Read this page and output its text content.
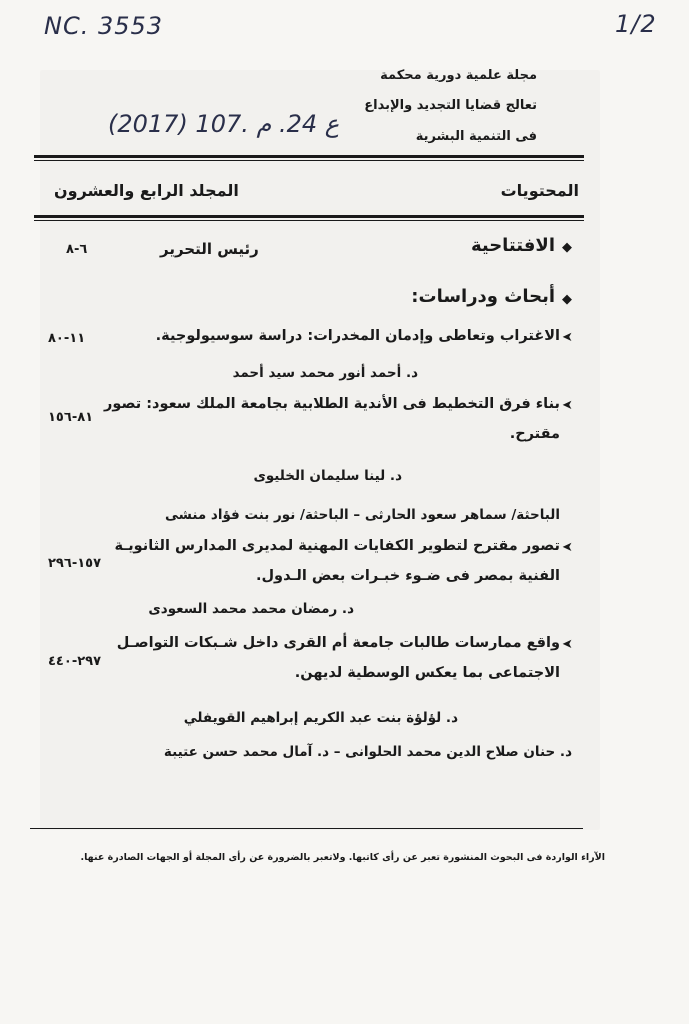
NC. 3553	1/2
(2017) 107. ع 24. م
مجلة علمية دورية محكمة
تعالج قضايا التجديد والإبداع
فى التنمية البشرية
المحتويات
المجلد الرابع والعشرون
◆
الافتتاحية
رئيس التحرير
٦-٨
◆
أبحاث ودراسات:
➤
الاغتراب وتعاطى وإدمان المخدرات: دراسة سوسيولوجية.
١١-٨٠
د. أحمد أنور محمد سيد أحمد
➤
بناء فرق التخطيط فى الأندية الطلابية بجامعة الملك سعود: تصور
مقترح.
٨١-١٥٦
د. لينا سليمان الخليوى
الباحثة/ سماهر سعود الحارثى – الباحثة/ نور بنت فؤاد منشى
➤
تصور مقترح لتطوير الكفايات المهنية لمديرى المدارس الثانويـة
الفنية بمصر فى ضـوء خبـرات بعض الـدول.
١٥٧-٢٩٦
د. رمضان محمد محمد السعودى
➤
واقع ممارسات طالبات جامعة أم القرى داخل شـبكات التواصـل
الاجتماعى بما يعكس الوسطية لديهن.
٢٩٧-٤٤٠
د. لؤلؤة بنت عبد الكريم إبراهيم القويفلي
د. حنان صلاح الدين محمد الحلوانى – د. آمال محمد حسن عتيبة
الآراء الواردة فى البحوث المنشورة تعبر عن رأى كاتبها. ولاتعبر بالضرورة عن رأى المجلة أو الجهات الصادرة عنها.
